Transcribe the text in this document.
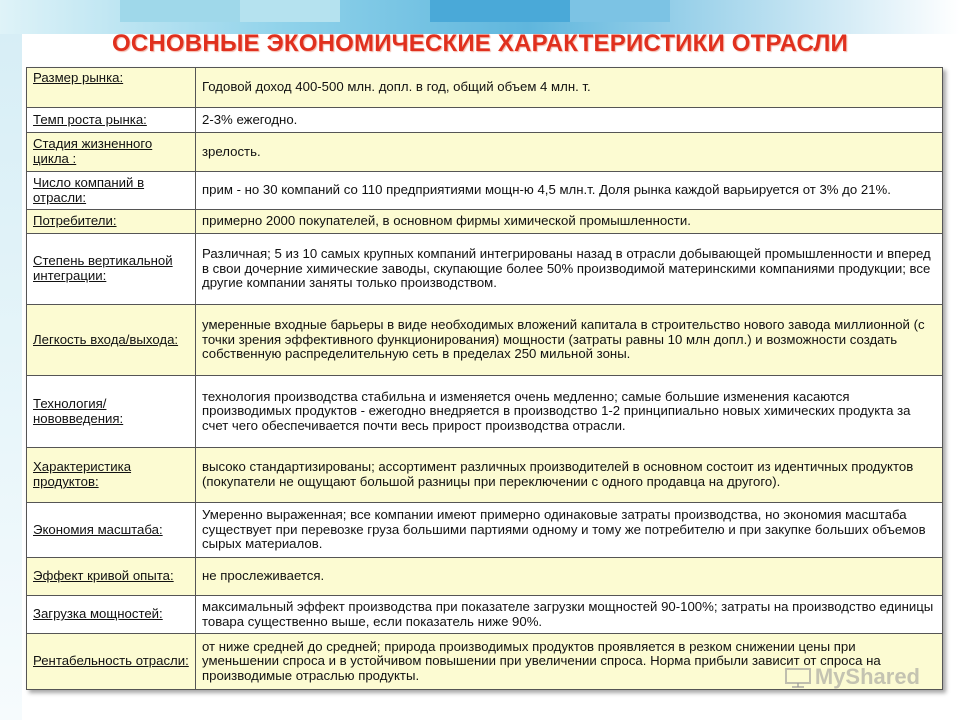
ОСНОВНЫЕ ЭКОНОМИЧЕСКИЕ ХАРАКТЕРИСТИКИ ОТРАСЛИ
Размер рынка:	Годовой доход 400-500 млн. допл. в год, общий объем 4 млн. т.
Темп роста рынка:	2-3% ежегодно.
Стадия жизненного цикла :	зрелость.
Число компаний в отрасли:	прим - но 30 компаний со 110 предприятиями мощн-ю 4,5 млн.т. Доля рынка каждой варьируется от 3% до 21%.
Потребители:	примерно 2000 покупателей, в основном фирмы химической промышленности.
Степень вертикальной интеграции:	Различная; 5 из 10 самых крупных компаний интегрированы назад в отрасли добывающей промышленности и вперед в свои дочерние химические заводы, скупающие более 50% производимой материнскими компаниями продукции; все другие компании заняты только производством.
Легкость входа/выхода:	умеренные входные барьеры в виде необходимых вложений капитала в строительство нового завода миллионной (с точки зрения эффективного функционирования) мощности (затраты равны 10 млн допл.) и возможности создать собственную распределительную сеть в пределах 250 мильной зоны.
Технология/нововведения:	технология производства стабильна и изменяется очень медленно; самые большие изменения касаются производимых продуктов - ежегодно внедряется в производство 1-2 принципиально новых химических продукта за счет чего обеспечивается почти весь прирост производства отрасли.
Характеристика продуктов:	высоко стандартизированы; ассортимент различных производителей в основном состоит из идентичных продуктов (покупатели не ощущают большой разницы при переключении с одного продавца на другого).
Экономия масштаба:	Умеренно выраженная; все компании имеют примерно одинаковые затраты производства, но экономия масштаба существует при перевозке груза большими партиями одному и тому же потребителю и при закупке больших объемов сырых материалов.
Эффект кривой опыта:	не прослеживается.
Загрузка мощностей:	максимальный эффект производства при показателе загрузки мощностей 90-100%; затраты на производство единицы товара существенно выше, если показатель ниже 90%.
Рентабельность отрасли:	от ниже средней до средней; природа производимых продуктов проявляется в резком снижении цены при уменьшении спроса и в устойчивом повышении при увеличении спроса. Норма прибыли зависит от спроса на производимые отраслью продукты.	MyShared
